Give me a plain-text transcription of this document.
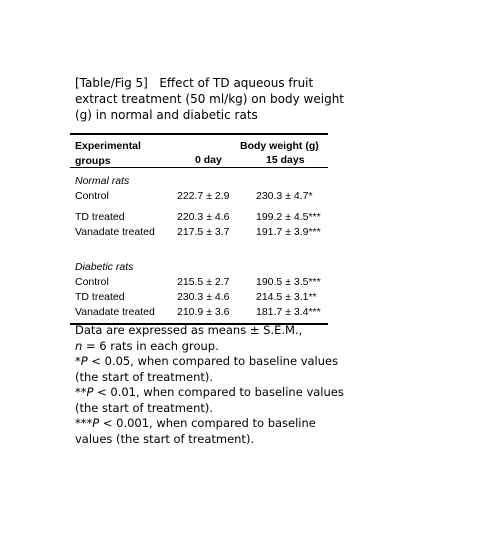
[Table/Fig 5] Effect of TD aqueous fruit extract treatment (50 ml/kg) on body weight (g) in normal and diabetic rats
Experimental
groups
Body weight (g)
0 day	15 days
Normal rats
Control	222.7 ± 2.9	230.3 ± 4.7*
TD treated	220.3 ± 4.6	199.2 ± 4.5***
Vanadate treated 217.5 ± 3.7	191.7 ± 3.9***
Diabetic rats
Control	215.5 ± 2.7	190.5 ± 3.5***
TD treated	230.3 ± 4.6	214.5 ± 3.1**
Vanadate treated 210.9 ± 3.6	181.7 ± 3.4***
Data are expressed as means ± S.E.M.,
n = 6 rats in each group.
*P < 0.05, when compared to baseline values (the start of treatment).
**P < 0.01, when compared to baseline values (the start of treatment).
***P < 0.001, when compared to baseline values (the start of treatment).
